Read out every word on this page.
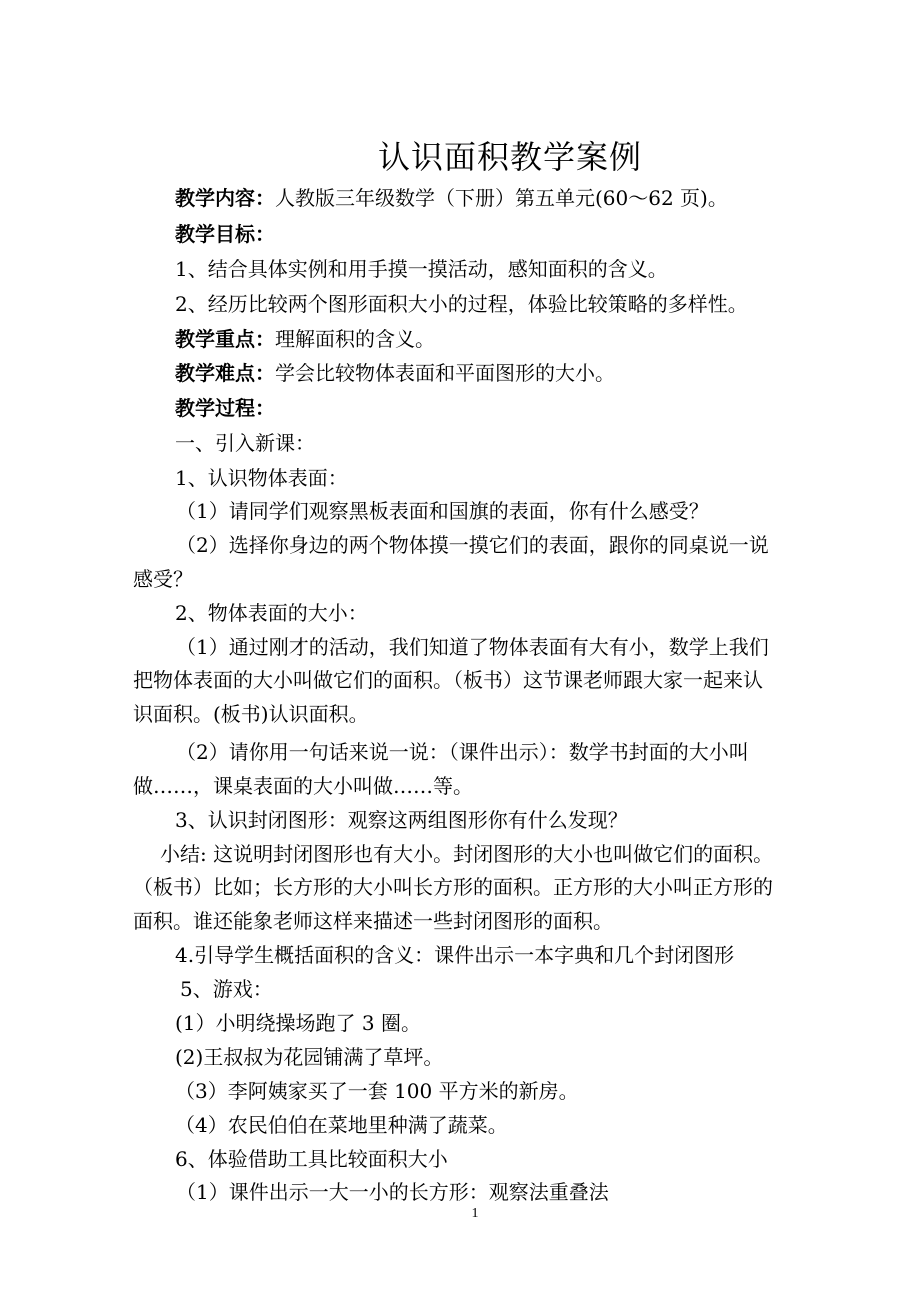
认识面积教学案例
教学内容：人教版三年级数学（下册）第五单元(60～62 页)。
教学目标：
1、结合具体实例和用手摸一摸活动，感知面积的含义。
2、经历比较两个图形面积大小的过程，体验比较策略的多样性。
教学重点：理解面积的含义。
教学难点：学会比较物体表面和平面图形的大小。
教学过程：
一、引入新课：
1、认识物体表面：
（1）请同学们观察黑板表面和国旗的表面，你有什么感受？
（2）选择你身边的两个物体摸一摸它们的表面，跟你的同桌说一说
感受？
2、物体表面的大小：
（1）通过刚才的活动，我们知道了物体表面有大有小，数学上我们
把物体表面的大小叫做它们的面积。（板书）这节课老师跟大家一起来认
识面积。(板书)认识面积。
（2）请你用一句话来说一说：（课件出示）：数学书封面的大小叫
做……，课桌表面的大小叫做……等。
3、认识封闭图形：观察这两组图形你有什么发现？
小结: 这说明封闭图形也有大小。封闭图形的大小也叫做它们的面积。
（板书）比如；长方形的大小叫长方形的面积。正方形的大小叫正方形的
面积。谁还能象老师这样来描述一些封闭图形的面积。
4.引导学生概括面积的含义：课件出示一本字典和几个封闭图形
5、游戏：
(1）小明绕操场跑了 3 圈。
(2)王叔叔为花园铺满了草坪。
（3）李阿姨家买了一套 100 平方米的新房。
（4）农民伯伯在菜地里种满了蔬菜。
6、体验借助工具比较面积大小
（1）课件出示一大一小的长方形：观察法重叠法
1
